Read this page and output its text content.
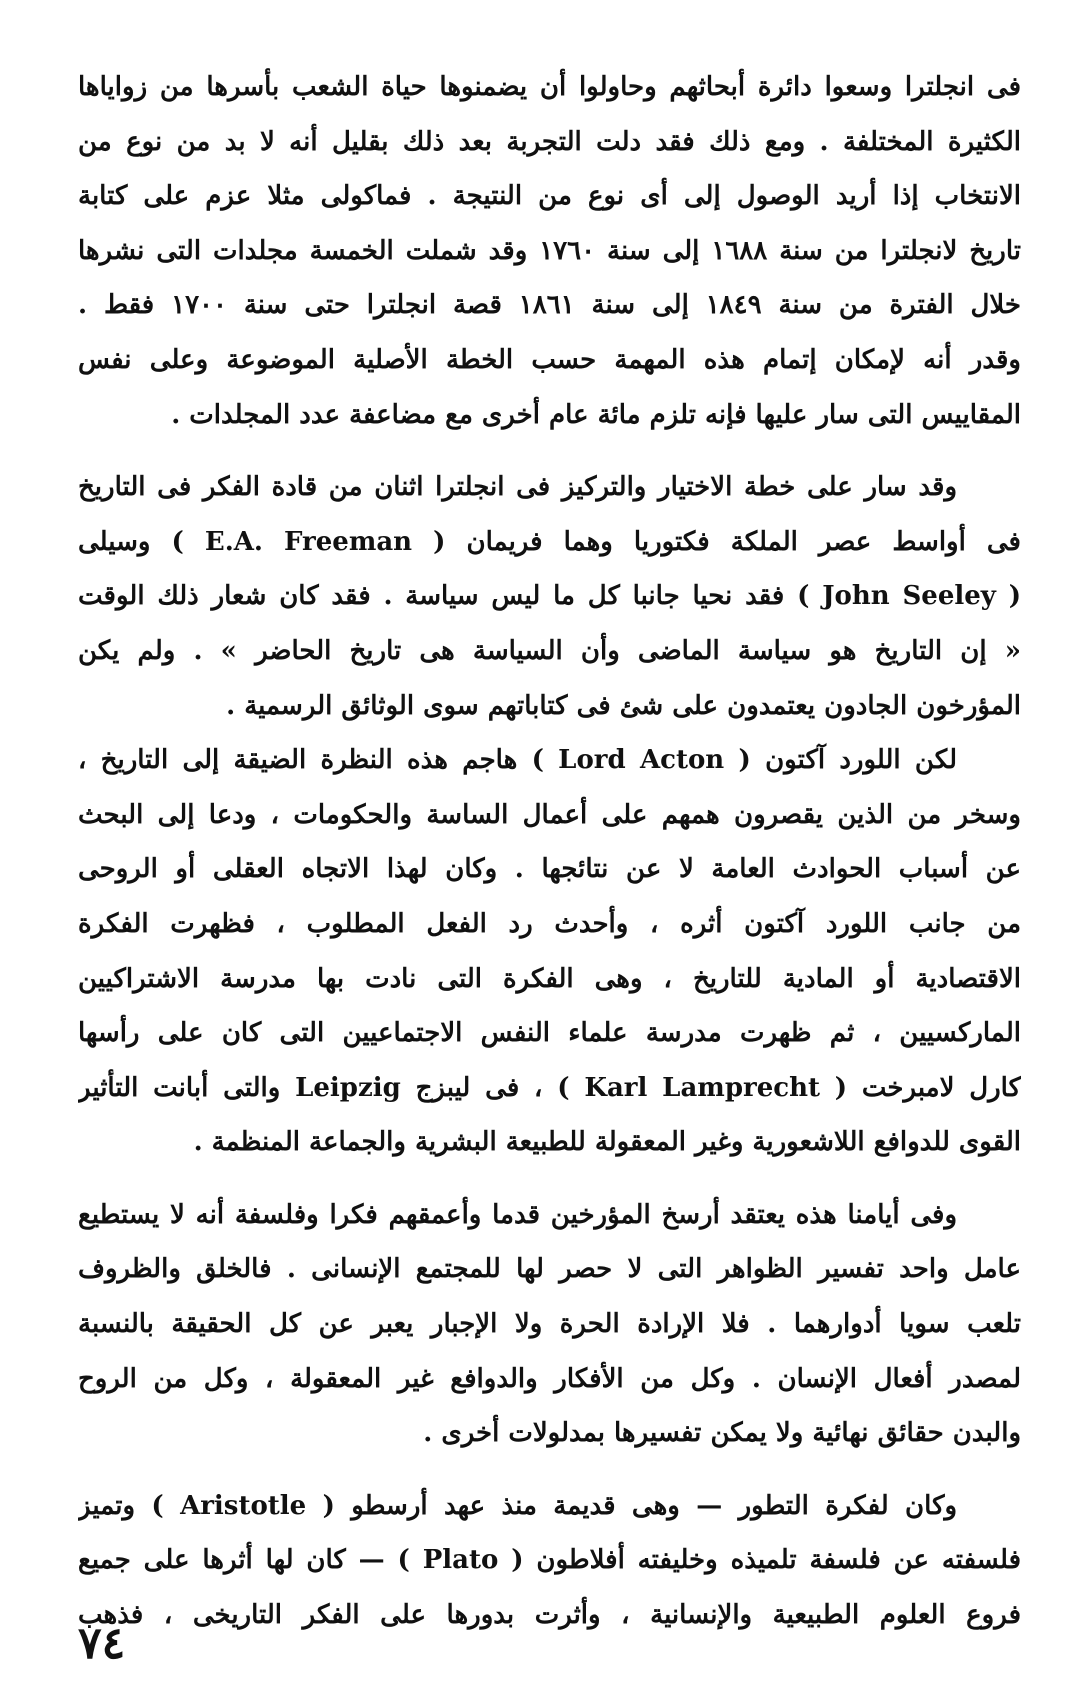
فى انجلترا وسعوا دائرة أبحاثهم وحاولوا أن يضمنوها حياة الشعب بأسرها من زواياها
الكثيرة المختلفة . ومع ذلك فقد دلت التجربة بعد ذلك بقليل أنه لا بد من نوع من
الانتخاب إذا أريد الوصول إلى أى نوع من النتيجة . فماكولى مثلا عزم على كتابة
تاريخ لانجلترا من سنة ١٦٨٨ إلى سنة ١٧٦٠ وقد شملت الخمسة مجلدات التى نشرها
خلال الفترة من سنة ١٨٤٩ إلى سنة ١٨٦١ قصة انجلترا حتى سنة ١٧٠٠ فقط .
وقدر أنه لإمكان إتمام هذه المهمة حسب الخطة الأصلية الموضوعة وعلى نفس
المقاييس التى سار عليها فإنه تلزم مائة عام أخرى مع مضاعفة عدد المجلدات .
وقد سار على خطة الاختيار والتركيز فى انجلترا اثنان من قادة الفكر فى التاريخ
فى أواسط عصر الملكة فكتوريا وهما فريمان ( E.A. Freeman ) وسيلى
( John Seeley ) فقد نحيا جانبا كل ما ليس سياسة . فقد كان شعار ذلك الوقت
« إن التاريخ هو سياسة الماضى وأن السياسة هى تاريخ الحاضر » . ولم يكن
المؤرخون الجادون يعتمدون على شئ فى كتاباتهم سوى الوثائق الرسمية .
لكن اللورد آكتون ( Lord Acton ) هاجم هذه النظرة الضيقة إلى التاريخ ،
وسخر من الذين يقصرون همهم على أعمال الساسة والحكومات ، ودعا إلى البحث
عن أسباب الحوادث العامة لا عن نتائجها . وكان لهذا الاتجاه العقلى أو الروحى
من جانب اللورد آكتون أثره ، وأحدث رد الفعل المطلوب ، فظهرت الفكرة
الاقتصادية أو المادية للتاريخ ، وهى الفكرة التى نادت بها مدرسة الاشتراكيين
الماركسيين ، ثم ظهرت مدرسة علماء النفس الاجتماعيين التى كان على رأسها
كارل لامبرخت ( Karl Lamprecht ) ، فى ليبزج Leipzig والتى أبانت التأثير
القوى للدوافع اللاشعورية وغير المعقولة للطبيعة البشرية والجماعة المنظمة .
وفى أيامنا هذه يعتقد أرسخ المؤرخين قدما وأعمقهم فكرا وفلسفة أنه لا يستطيع
عامل واحد تفسير الظواهر التى لا حصر لها للمجتمع الإنسانى . فالخلق والظروف
تلعب سويا أدوارهما . فلا الإرادة الحرة ولا الإجبار يعبر عن كل الحقيقة بالنسبة
لمصدر أفعال الإنسان . وكل من الأفكار والدوافع غير المعقولة ، وكل من الروح
والبدن حقائق نهائية ولا يمكن تفسيرها بمدلولات أخرى .
وكان لفكرة التطور — وهى قديمة منذ عهد أرسطو ( Aristotle ) وتميز
فلسفته عن فلسفة تلميذه وخليفته أفلاطون ( Plato ) — كان لها أثرها على جميع
فروع العلوم الطبيعية والإنسانية ، وأثرت بدورها على الفكر التاريخى ، فذهب
٧٤
